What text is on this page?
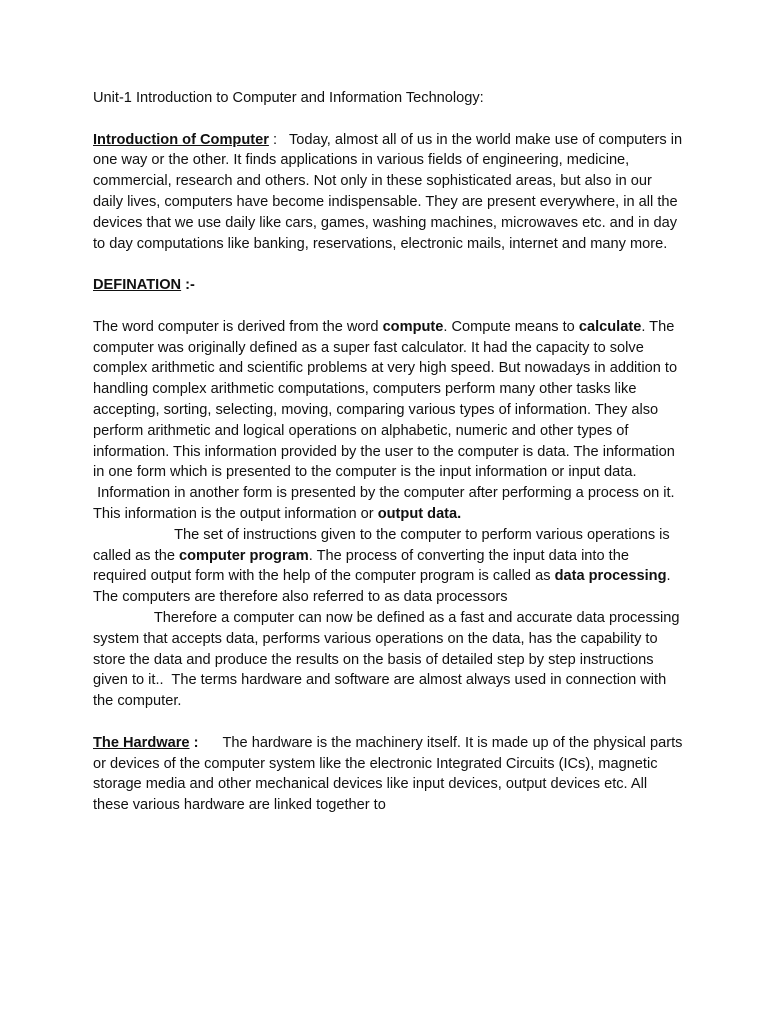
Unit-1 Introduction to Computer and Information Technology:

Introduction of Computer :   Today, almost all of us in the world make use of computers in one way or the other. It finds applications in various fields of engineering, medicine, commercial, research and others. Not only in these sophisticated areas, but also in our daily lives, computers have become indispensable. They are present everywhere, in all the devices that we use daily like cars, games, washing machines, microwaves etc. and in day to day computations like banking, reservations, electronic mails, internet and many more.

DEFINATION :-

The word computer is derived from the word compute. Compute means to calculate. The computer was originally defined as a super fast calculator. It had the capacity to solve complex arithmetic and scientific problems at very high speed. But nowadays in addition to handling complex arithmetic computations, computers perform many other tasks like accepting, sorting, selecting, moving, comparing various types of information. They also perform arithmetic and logical operations on alphabetic, numeric and other types of information. This information provided by the user to the computer is data. The information in one form which is presented to the computer is the input information or input data.

Information in another form is presented by the computer after performing a process on it. This information is the output information or output data.

The set of instructions given to the computer to perform various operations is called as the computer program. The process of converting the input data into the required output form with the help of the computer program is called as data processing. The computers are therefore also referred to as data processors

Therefore a computer can now be defined as a fast and accurate data processing system that accepts data, performs various operations on the data, has the capability to store the data and produce the results on the basis of detailed step by step instructions given to it..  The terms hardware and software are almost always used in connection with the computer.

The Hardware :      The hardware is the machinery itself. It is made up of the physical parts or devices of the computer system like the electronic Integrated Circuits (ICs), magnetic storage media and other mechanical devices like input devices, output devices etc. All these various hardware are linked together to
